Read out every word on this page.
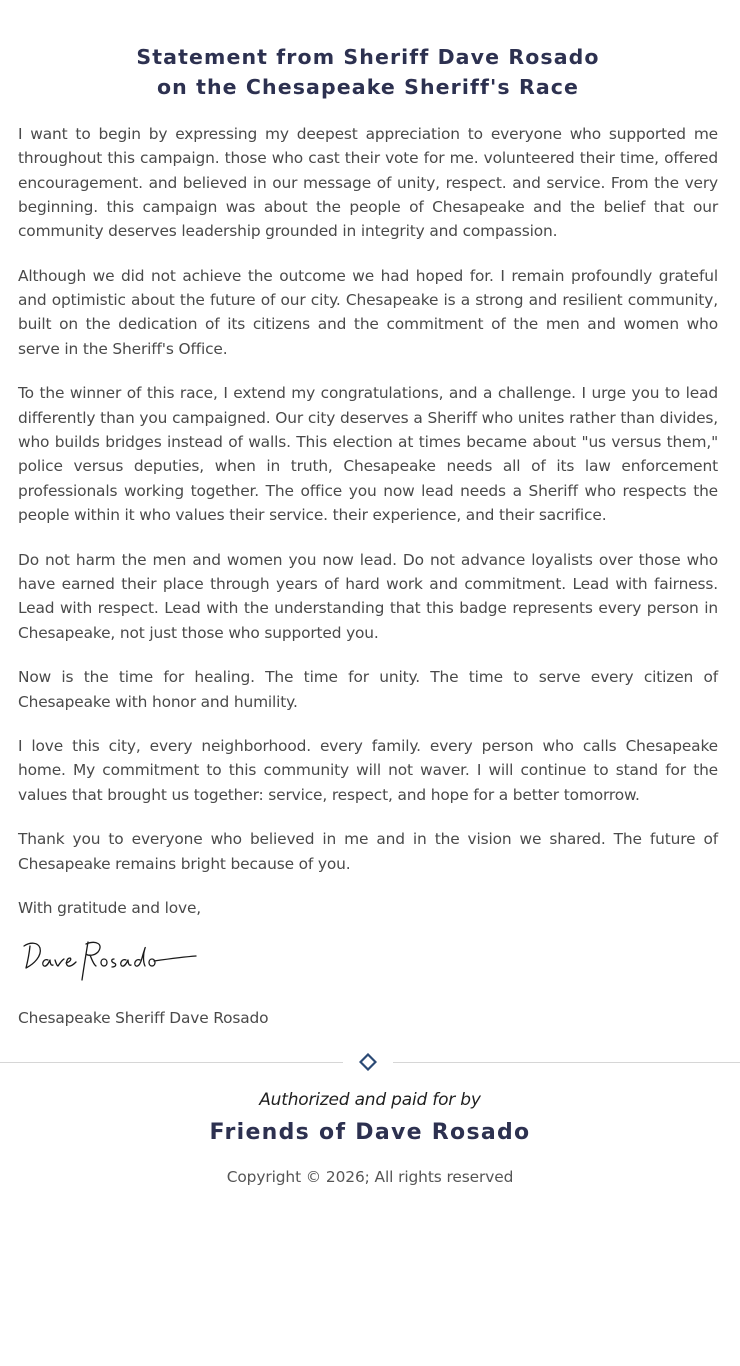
Statement from Sheriff Dave Rosado
on the Chesapeake Sheriff's Race

I want to begin by expressing my deepest appreciation to everyone who supported me throughout this campaign. those who cast their vote for me. volunteered their time, offered encouragement. and believed in our message of unity, respect. and service. From the very beginning. this campaign was about the people of Chesapeake and the belief that our community deserves leadership grounded in integrity and compassion.

Although we did not achieve the outcome we had hoped for. I remain profoundly grateful and optimistic about the future of our city. Chesapeake is a strong and resilient community, built on the dedication of its citizens and the commitment of the men and women who serve in the Sheriff's Office.

To the winner of this race, I extend my congratulations, and a challenge. I urge you to lead differently than you campaigned. Our city deserves a Sheriff who unites rather than divides, who builds bridges instead of walls. This election at times became about "us versus them," police versus deputies, when in truth, Chesapeake needs all of its law enforcement professionals working together. The office you now lead needs a Sheriff who respects the people within it who values their service. their experience, and their sacrifice.

Do not harm the men and women you now lead. Do not advance loyalists over those who have earned their place through years of hard work and commitment. Lead with fairness. Lead with respect. Lead with the understanding that this badge represents every person in Chesapeake, not just those who supported you.

Now is the time for healing. The time for unity. The time to serve every citizen of Chesapeake with honor and humility.

I love this city, every neighborhood. every family. every person who calls Chesapeake home. My commitment to this community will not waver. I will continue to stand for the values that brought us together: service, respect, and hope for a better tomorrow.

Thank you to everyone who believed in me and in the vision we shared. The future of Chesapeake remains bright because of you.

With gratitude and love,

Chesapeake Sheriff Dave Rosado

Authorized and paid for by

Friends of Dave Rosado

Copyright © 2026; All rights reserved
